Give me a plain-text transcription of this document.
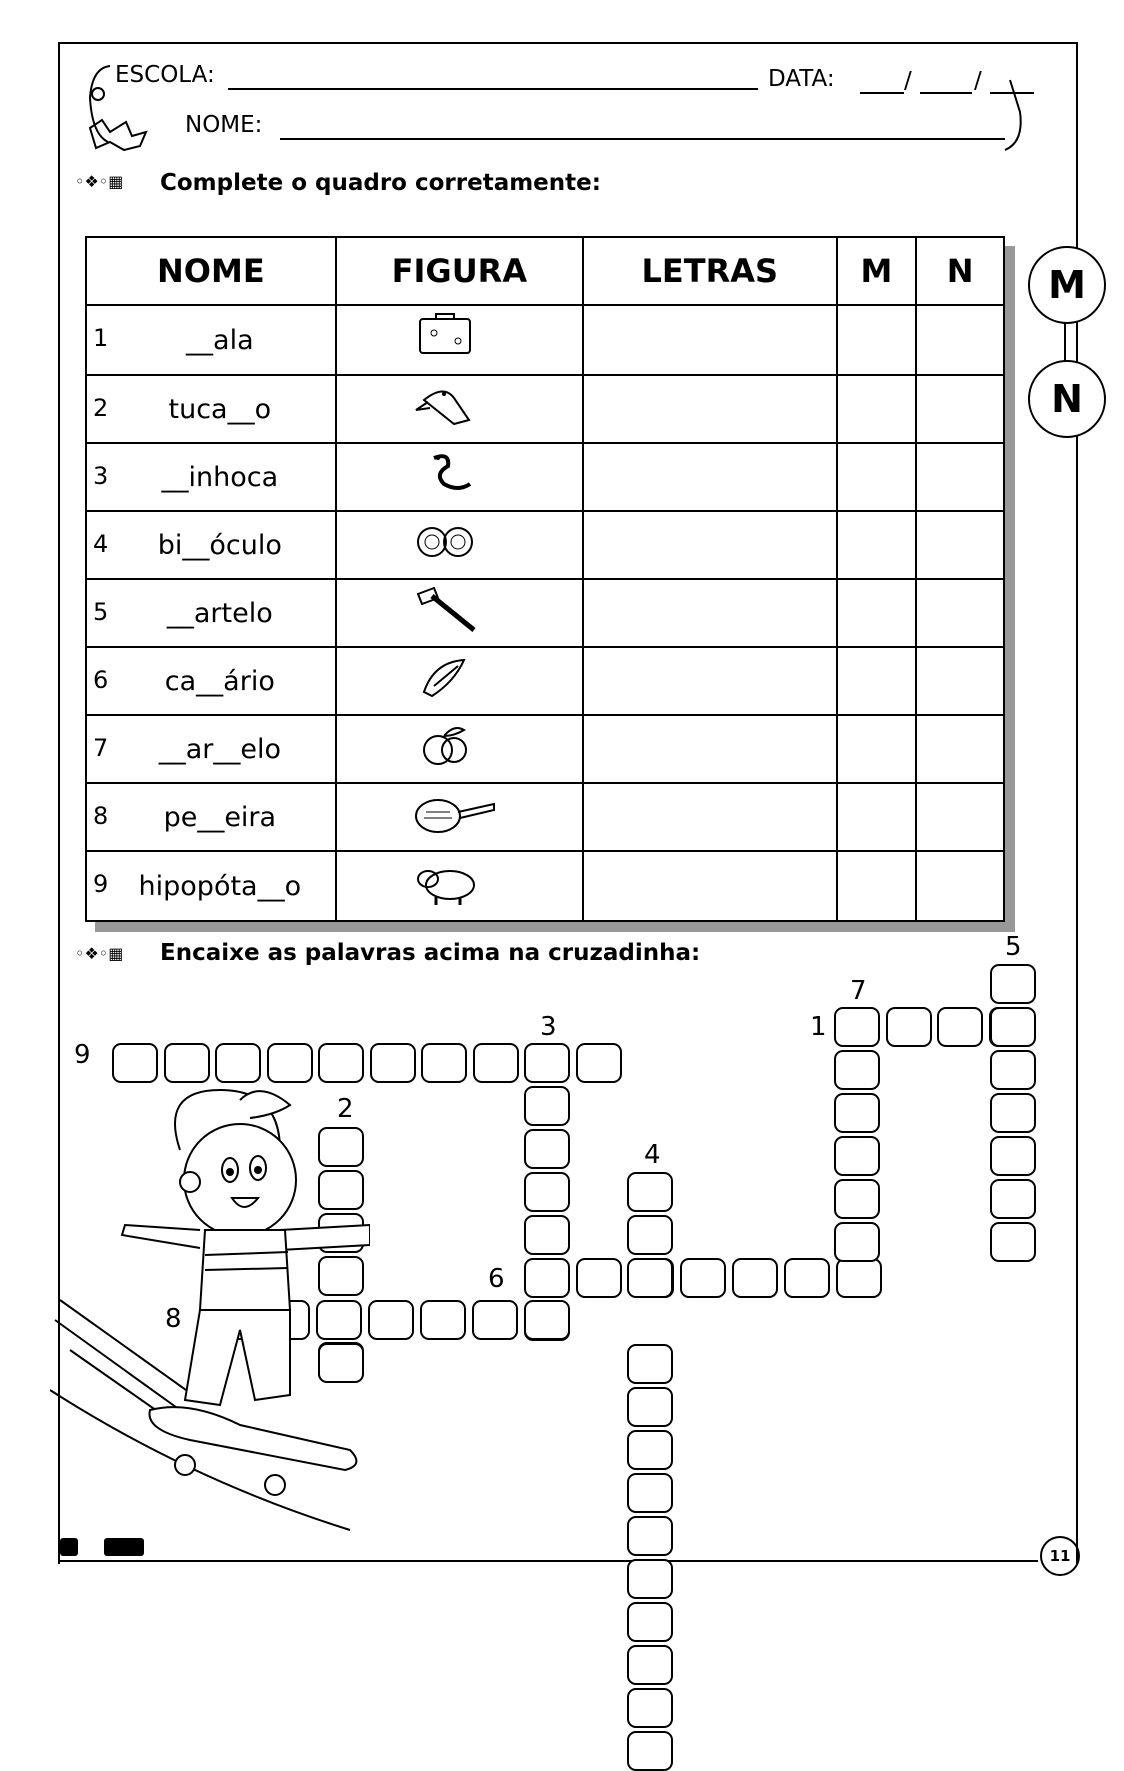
ESCOLA:	DATA:	/	/
NOME:
◦❖◦▦ Complete o quadro corretamente:
NOME	FIGURA	LETRAS	M	N

1 __ala

2 tuca__o

3 __inhoca

4 bi__óculo

5 __artelo

6 ca__ário

7 __ar__elo

8 pe__eira

9 hipopóta__o

M
N
◦❖◦▦ Encaixe as palavras acima na cruzadinha:
9
3
2
4
6
8
1
7
5
11
